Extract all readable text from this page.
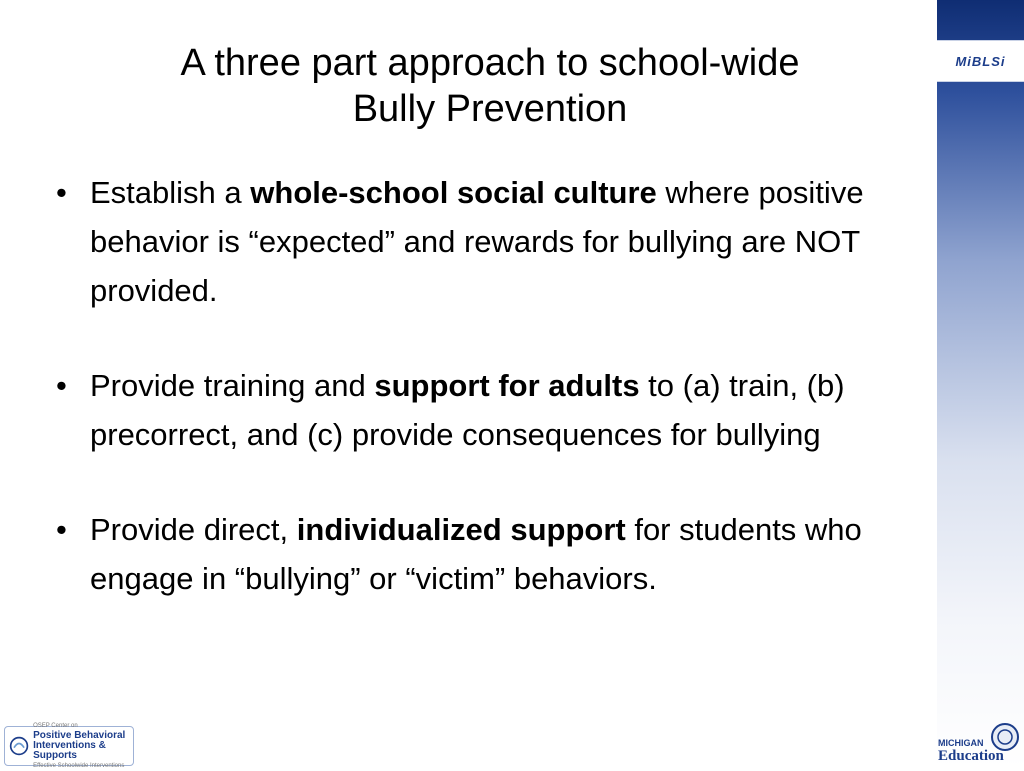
A three part approach to school-wide
Bully Prevention
• Establish a whole-school social culture where positive behavior is “expected” and rewards for bullying are NOT provided.
• Provide training and support for adults to (a) train, (b) precorrect, and (c) provide consequences for bullying
• Provide direct, individualized support for students who engage in “bullying” or “victim” behaviors.
MiBLSi
OSEP Center on
Positive Behavioral
Interventions & Supports
Effective Schoolwide Interventions
MICHIGAN
Education
